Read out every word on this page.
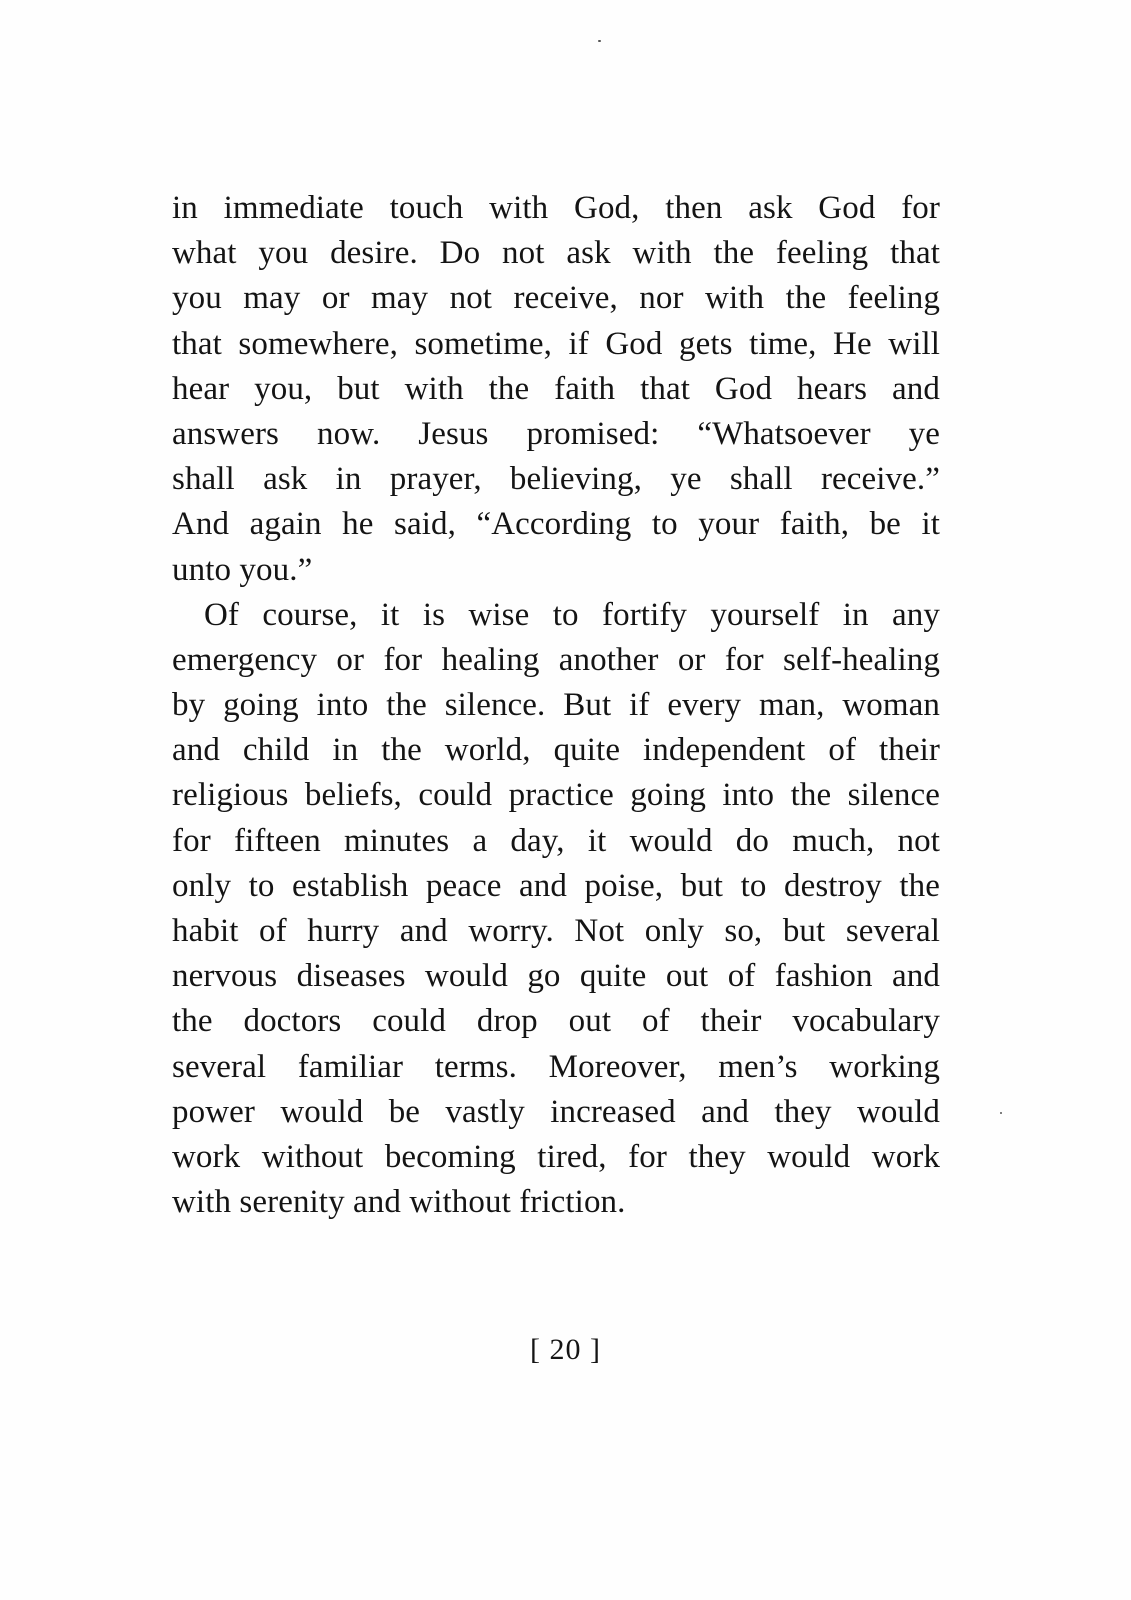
in immediate touch with God, then ask God for
what you desire. Do not ask with the feeling that
you may or may not receive, nor with the feeling
that somewhere, sometime, if God gets time, He will
hear you, but with the faith that God hears and
answers now. Jesus promised: “Whatsoever ye
shall ask in prayer, believing, ye shall receive.”
And again he said, “According to your faith, be it
unto you.”
Of course, it is wise to fortify yourself in any
emergency or for healing another or for self-healing
by going into the silence. But if every man, woman
and child in the world, quite independent of their
religious beliefs, could practice going into the silence
for fifteen minutes a day, it would do much, not
only to establish peace and poise, but to destroy the
habit of hurry and worry. Not only so, but several
nervous diseases would go quite out of fashion and
the doctors could drop out of their vocabulary
several familiar terms. Moreover, men’s working
power would be vastly increased and they would
work without becoming tired, for they would work
with serenity and without friction.
[ 20 ]
